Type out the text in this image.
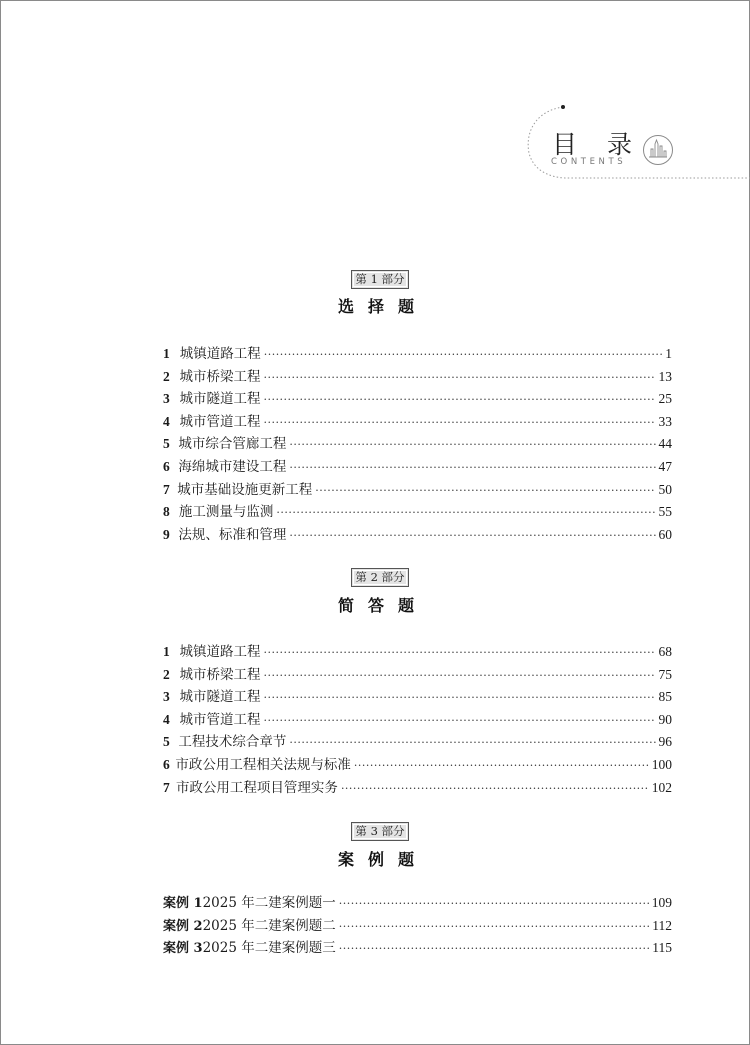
目录
CONTENTS
第 1 部分
选择题
1 城镇道路工程 ·····	1
2 城市桥梁工程 ·····	13
3 城市隧道工程 ·····	25
4 城市管道工程 ·····	33
5 城市综合管廊工程 ·····	44
6 海绵城市建设工程 ·····	47
7 城市基础设施更新工程 ·····	50
8 施工测量与监测 ·····	55
9 法规、标准和管理 ·····	60
第 2 部分
简答题
1 城镇道路工程 ·····	68
2 城市桥梁工程 ·····	75
3 城市隧道工程 ·····	85
4 城市管道工程 ·····	90
5 工程技术综合章节 ·····	96
6 市政公用工程相关法规与标准 ·····	100
7 市政公用工程项目管理实务 ·····	102
第 3 部分
案例题
案例 1 2025 年二建案例题一 ·····	109
案例 2 2025 年二建案例题二 ·····	112
案例 3 2025 年二建案例题三 ·····	115
